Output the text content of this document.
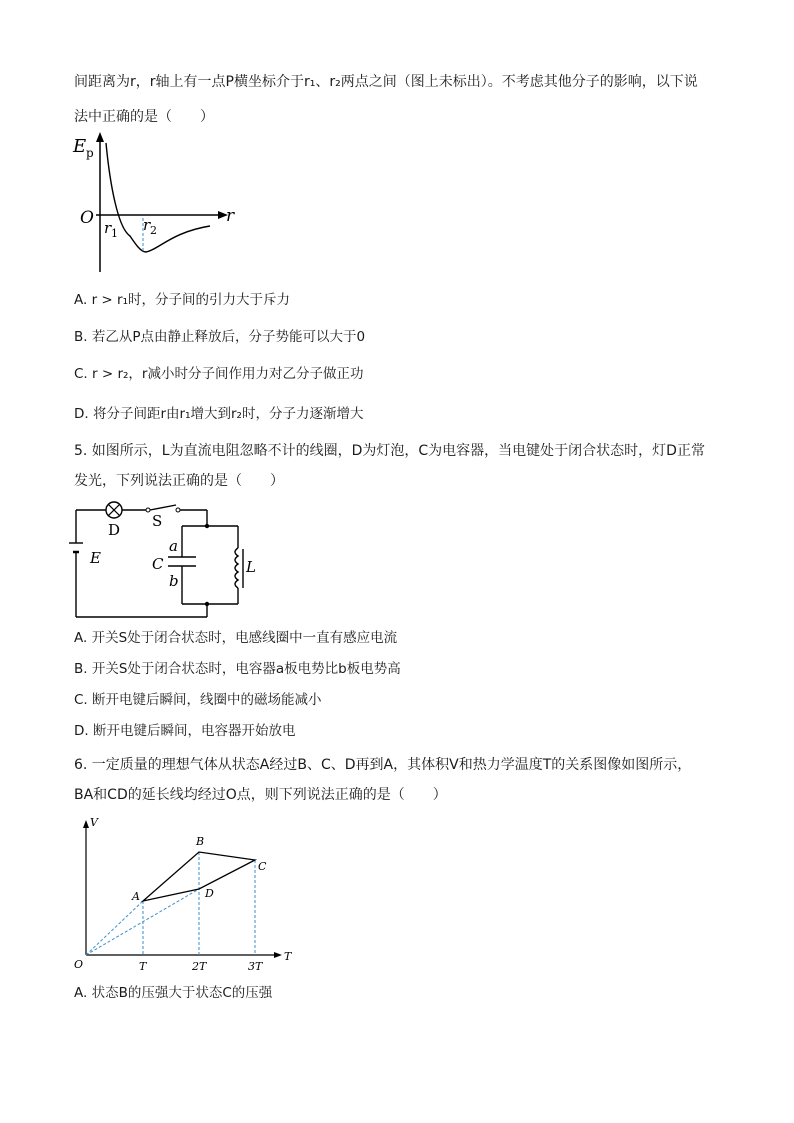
间距离为r，r轴上有一点P横坐标介于r₁、r₂两点之间（图上未标出）。不考虑其他分子的影响，以下说
法中正确的是（　　）
E p
O	r
r 1 r 2
A. r > r₁时，分子间的引力大于斥力
B. 若乙从P点由静止释放后，分子势能可以大于0
C. r > r₂，r减小时分子间作用力对乙分子做正功
D. 将分子间距r由r₁增大到r₂时，分子力逐渐增大
5. 如图所示，L为直流电阻忽略不计的线圈，D为灯泡，C为电容器，当电键处于闭合状态时，灯D正常
发光，下列说法正确的是（　　）
D S
E	C
a
b
L
A. 开关S处于闭合状态时，电感线圈中一直有感应电流
B. 开关S处于闭合状态时，电容器a板电势比b板电势高
C. 断开电键后瞬间，线圈中的磁场能减小
D. 断开电键后瞬间，电容器开始放电
6. 一定质量的理想气体从状态A经过B、C、D再到A，其体积V和热力学温度T的关系图像如图所示，
BA和CD的延长线均经过O点，则下列说法正确的是（　　）
V
T
O	T	2T	3T
A
B
C
D
A. 状态B的压强大于状态C的压强
